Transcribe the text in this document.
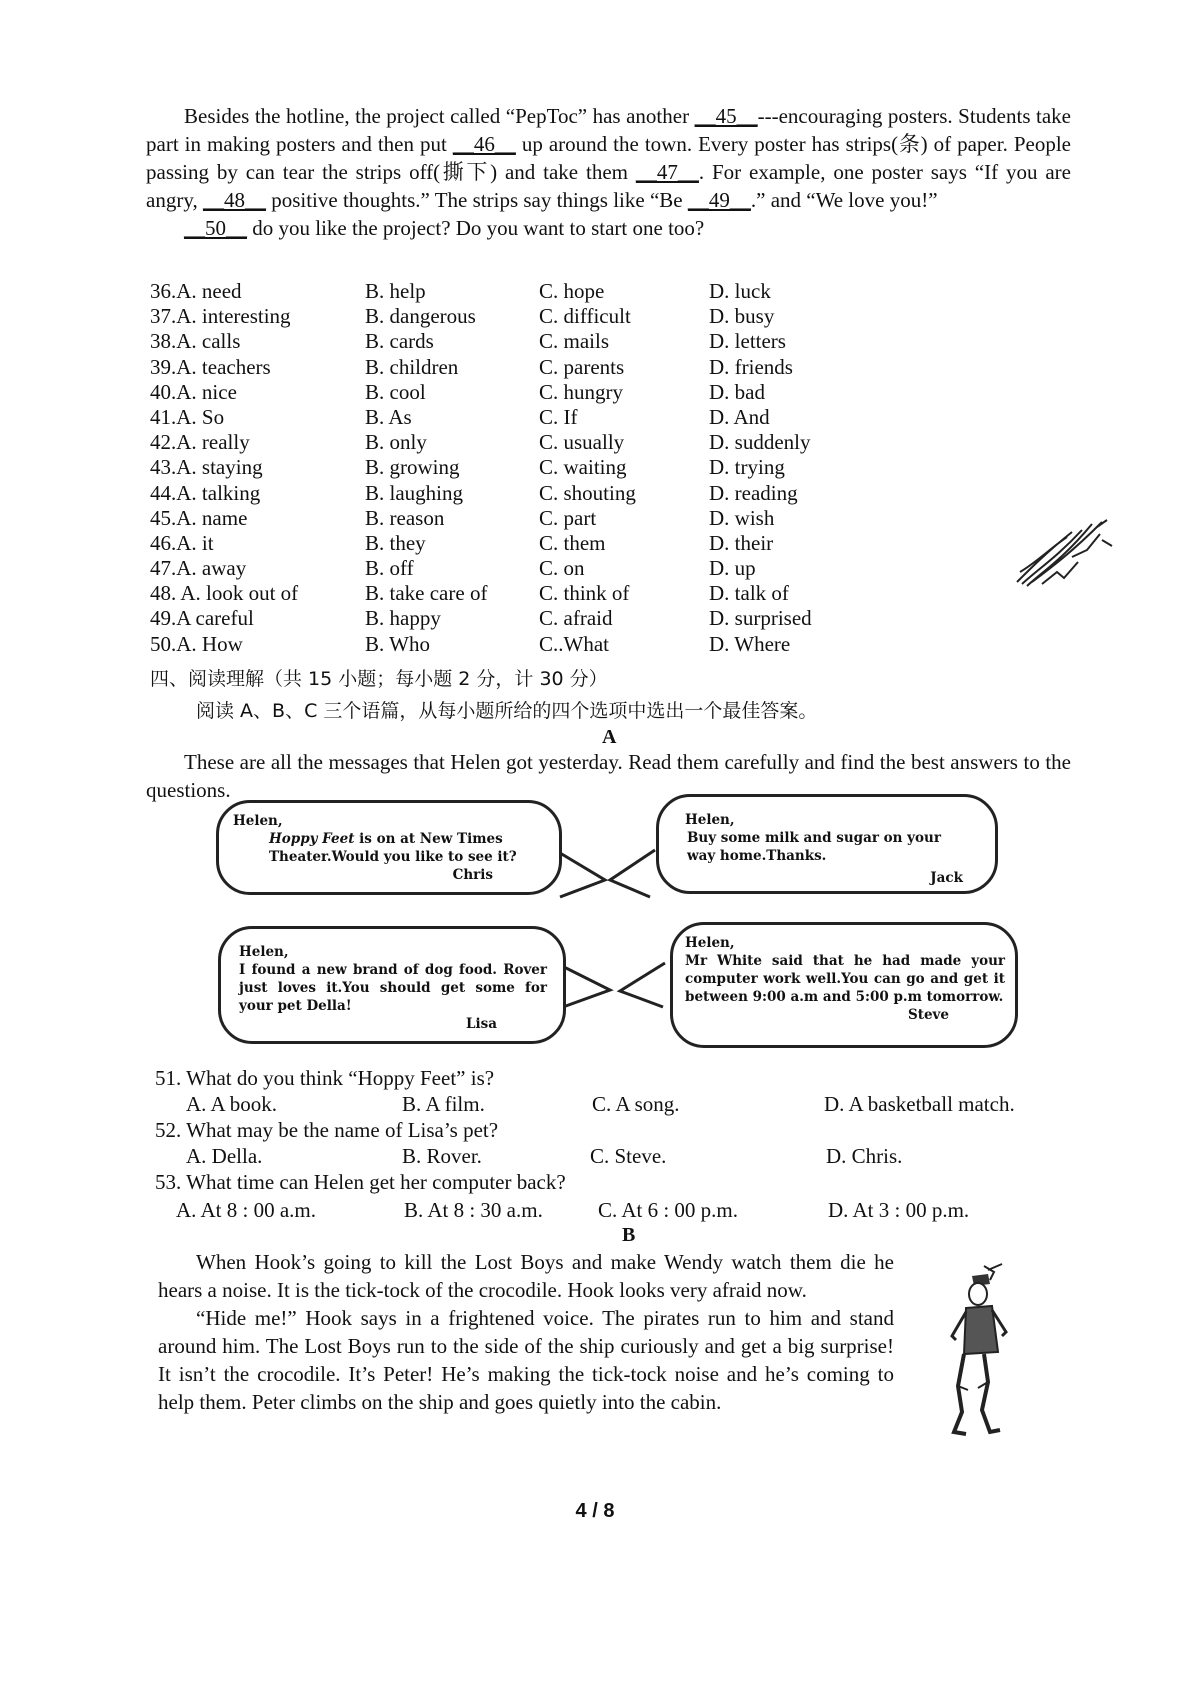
Besides the hotline, the project called “PepToc” has another __45__---encouraging posters. Students take part in making posters and then put __46__ up around the town. Every poster has strips(条) of paper. People passing by can tear the strips off(撕下) and take them __47__. For example, one poster says “If you are angry, __48__ positive thoughts.” The strips say things like “Be __49__.” and “We love you!”

__50__ do you like the project? Do you want to start one too?

36.A. need	B. help	C. hope	D. luck
37.A. interesting	B. dangerous	C. difficult	D. busy
38.A. calls	B. cards	C. mails	D. letters
39.A. teachers	B. children	C. parents	D. friends
40.A. nice	B. cool	C. hungry	D. bad
41.A. So	B. As	C. If	D. And
42.A. really	B. only	C. usually	D. suddenly
43.A. staying	B. growing	C. waiting	D. trying
44.A. talking	B. laughing	C. shouting	D. reading
45.A. name	B. reason	C. part	D. wish
46.A. it	B. they	C. them	D. their
47.A. away	B. off	C. on	D. up
48. A. look out of	B. take care of	C. think of	D. talk of
49.A careful	B. happy	C. afraid	D. surprised
50.A. How	B. Who	C..What	D. Where
四、阅读理解（共 15 小题；每小题 2 分，计 30 分）
阅读 A、B、C 三个语篇，从每小题所给的四个选项中选出一个最佳答案。
A

These are all the messages that Helen got yesterday. Read them carefully and find the best answers to the questions.

Helen,
Hoppy Feet is on at New Times Theater.Would you like to see it?
Chris
Helen,
Buy some milk and sugar on your way home.Thanks.
Jack
Helen,
I found a new brand of dog food. Rover just loves it.You should get some for your pet Della!
Lisa
Helen,
Mr White said that he had made your computer work well.You can go and get it between 9:00 a.m and 5:00 p.m tomorrow.
Steve
51. What do you think “Hoppy Feet” is?
A. A book.	B. A film.	C. A song.	D. A basketball match.
52. What may be the name of Lisa’s pet?
A. Della.	B. Rover.	C. Steve.	D. Chris.
53. What time can Helen get her computer back?
A. At 8 : 00 a.m.	B. At 8 : 30 a.m.	C. At 6 : 00 p.m.	D. At 3 : 00 p.m.
B

When Hook’s going to kill the Lost Boys and make Wendy watch them die he hears a noise. It is the tick-tock of the crocodile. Hook looks very afraid now.

“Hide me!” Hook says in a frightened voice. The pirates run to him and stand around him. The Lost Boys run to the side of the ship curiously and get a big surprise! It isn’t the crocodile. It’s Peter! He’s making the tick-tock noise and he’s coming to help them. Peter climbs on the ship and goes quietly into the cabin.

4 / 8
